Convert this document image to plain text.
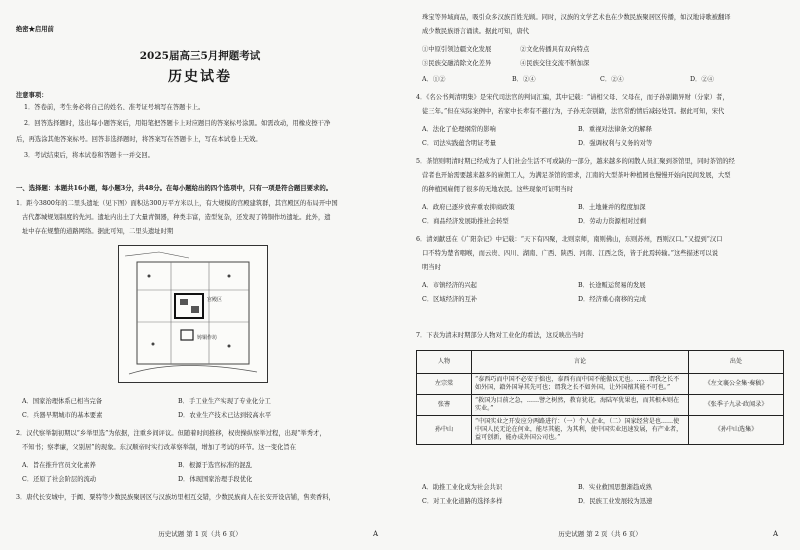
绝密★启用前
2025届高三5月押题考试
历史试卷
注意事项：
1．答卷前，考生务必将自己的姓名、准考证号填写在答题卡上。
2．回答选择题时，选出每小题答案后，用铅笔把答题卡上对应题目的答案标号涂黑。如需改动，用橡皮擦干净
后，再选涂其他答案标号。回答非选择题时，将答案写在答题卡上，写在本试卷上无效。
3．考试结束后，将本试卷和答题卡一并交回。
一、选择题：本题共16小题，每小题3分，共48分。在每小题给出的四个选项中，只有一项是符合题目要求的。
1．距今3800年的二里头遗址（见下图）面积达300万平方米以上，有大规模的宫殿建筑群，其宫殿区的布局开中国
古代都城规划制度的先河。遗址内出土了大量青铜器，种类丰富，造型复杂，还发现了铸铜作坊遗址。此外，遗
址中存在规整的道路网络。据此可知，二里头遗址时期
宫殿区
铸铜作坊
A．国家治理体系已相当完备	B．手工业生产实现了专业化分工
C．兵器早期城市的基本要素	D．农业生产技术已达到较高水平
2．汉代察举制初期以“乡举里选”为依据，注重乡间评议。但随着时间推移，权贵操纵察举过程，出现“举秀才，
不知书；察孝廉，父别居”的现象。东汉顺帝时实行改革察举制，增加了考试的环节。这一变化旨在
A．旨在推升官员文化素养	B．根源于选官标准的混乱
C．还原了社会阶层的流动	D．体现国家治理手段优化
3．唐代长安城中，于阗、粟特等少数民族聚居区与汉族坊里相互交错，少数民族商人在长安开设店铺，售卖香料，
历史试题 第 1 页（共 6 页）	A
珠宝等异域商品，吸引众多汉族百姓光顾。同时，汉族的文学艺术也在少数民族聚居区传播，如汉地诗歌被翻译
成少数民族语言诵读。据此可知，唐代
①中原引领边疆文化发展	②文化传播具有双向特点
③民族交融消除文化差异	④民族交往交流不断加深
A．①②	B．②④	C．②④	D．②④
4．《名公书判清明集》是宋代司法官的判词汇编，其中记载：“请相父母、父母在，而子孙别籍异财（分家）者，
徒三年。”但在实际案例中，若家中长辈有不慈行为，子孙无奈别籍，法官常酌情后减轻处罚。据此可知，宋代
A．法化了伦理纲常的影响	B．重视对法律条文的解释
C．司法实践蕴含明证考量	D．强调权利与义务的对等
5．茶馆则明清时期已经成为了人们社会生活不可或缺的一部分，越来越多的闲散人员汇聚到茶馆里，同时茶馆的经
营者也开始需要越来越多的雇佣工人，为满足茶馆的需求，江南的大型茶叶种植园也慢慢开始向民间发展，大型
的种植园雇佣了很多的无地农民。这些现象可证明当时
A．政府已逐步放弃重农抑商政策	B．土地兼并的程度加深
C．商品经济发展助推社会转型	D．劳动力资源相对过剩
6．清刘献廷在《广阳杂记》中记载：“天下有四聚，北则京师，南则佛山，东则苏州，西则汉口。”又提到“汉口
口不特为楚省咽喉，而云贵、四川、湖南、广西、陕西、河南、江西之货，皆于此焉转输。”这些描述可以说
明当时
A．市镇经济的兴起	B．长途贩运贸易的发展
C．区域经济的互补	D．经济重心南移的完成
7．下表为清末时期部分人物对工业化的看法，这反映出当时
人物	言论	出处
左宗棠	“泰西巧而中国不必安于拙也，泰西有而中国不能傲以无也。……谓我之长不如外国，籍外国导其先可也；谓我之长不如外国，让外国擅其能不可也。”	《左文襄公全集·奏稿》
张謇	“救国为目前之急，……譬之树然，教育犹花，海陆军犹果也，而其根本则在实业。”	《张季子九录·政闻录》
孙中山	“中国实业之开发应分两路进行：（一）个人企业，（二）国家经营是也……使中国人民无论在何业，能尽其能，为其利，使中国实业迅速发展，有产业者，益可创新，能办成外国公司也。”	《孙中山选集》
A．助推工业化成为社会共识	B．实业救国思想渐趋成熟
C．对工业化道路的选择多样	D．民族工业发展较为迅速
历史试题 第 2 页（共 6 页）	A
